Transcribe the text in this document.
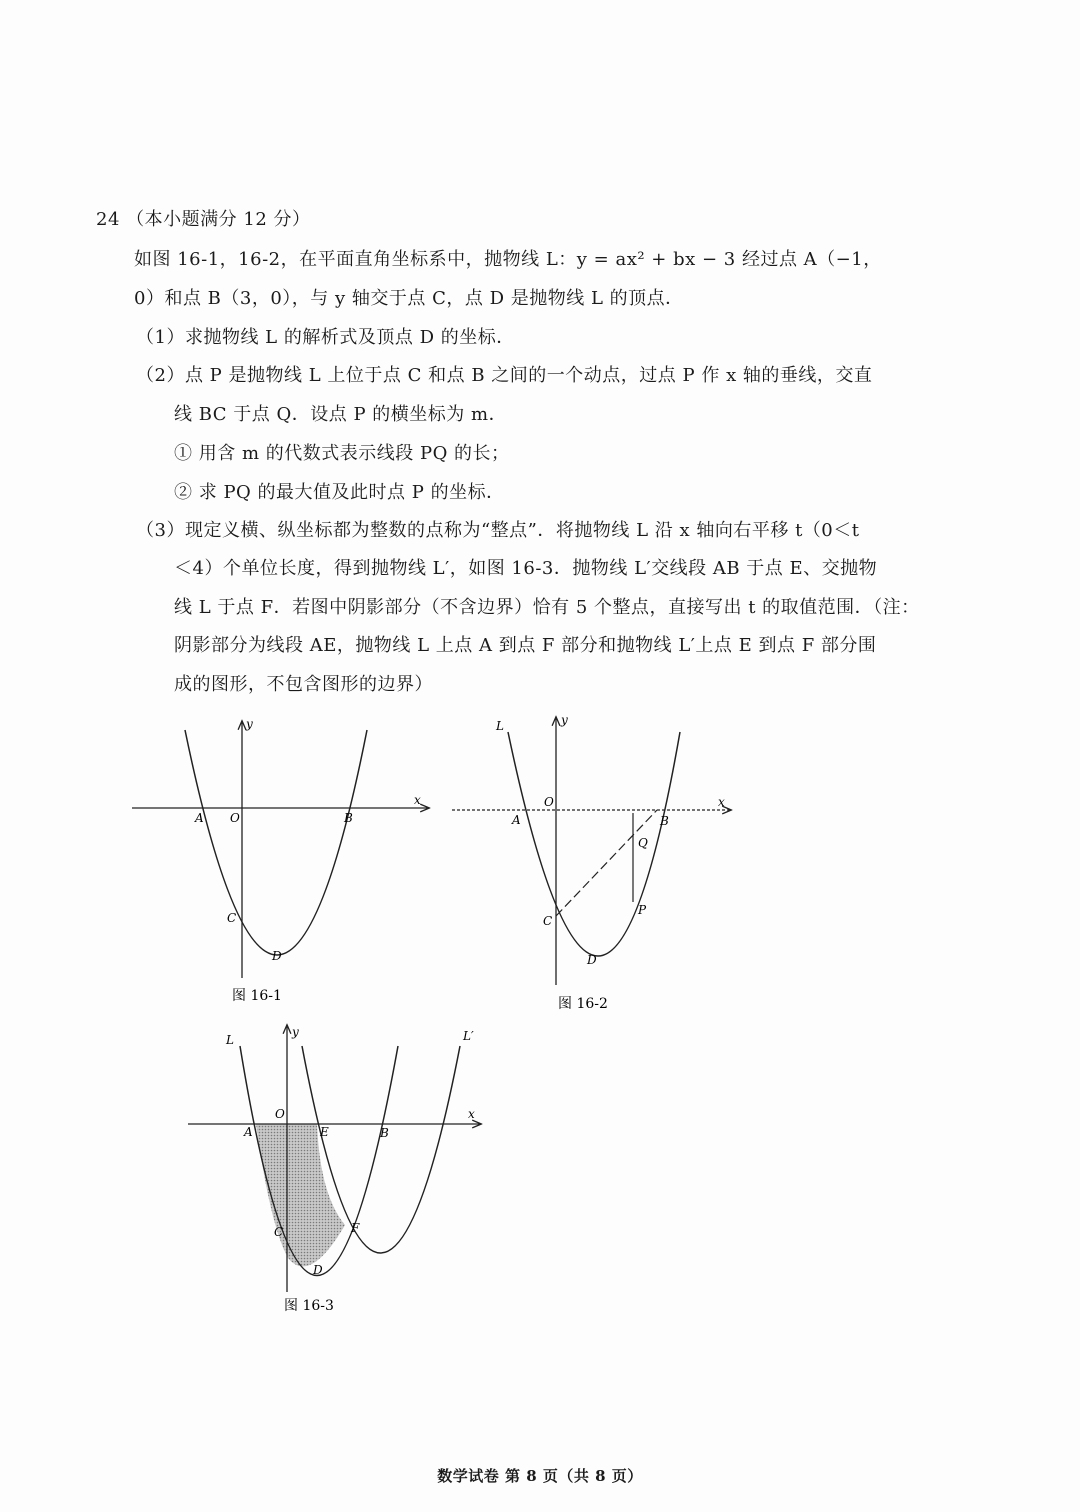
24 （本小题满分 12 分）
如图 16-1，16-2，在平面直角坐标系中，抛物线 L：y = ax² + bx − 3 经过点 A（−1，
0）和点 B（3，0），与 y 轴交于点 C，点 D 是抛物线 L 的顶点．
（1）求抛物线 L 的解析式及顶点 D 的坐标．
（2）点 P 是抛物线 L 上位于点 C 和点 B 之间的一个动点，过点 P 作 x 轴的垂线，交直
线 BC 于点 Q．设点 P 的横坐标为 m．
① 用含 m 的代数式表示线段 PQ 的长；
② 求 PQ 的最大值及此时点 P 的坐标．
（3）现定义横、纵坐标都为整数的点称为“整点”．将抛物线 L 沿 x 轴向右平移 t（0＜t
＜4）个单位长度，得到抛物线 L′，如图 16-3．抛物线 L′交线段 AB 于点 E、交抛物
线 L 于点 F．若图中阴影部分（不含边界）恰有 5 个整点，直接写出 t 的取值范围．（注：
阴影部分为线段 AE，抛物线 L 上点 A 到点 F 部分和抛物线 L′上点 E 到点 F 部分围
成的图形，不包含图形的边界）
y
x
A O	B
C
D
图 16-1
L	y
x
O
A	B
Q
P
C
D
图 16-2
L	L′
y
x
O
A	E	B
C	F
D
图 16-3
数学试卷 第 8 页（共 8 页）
